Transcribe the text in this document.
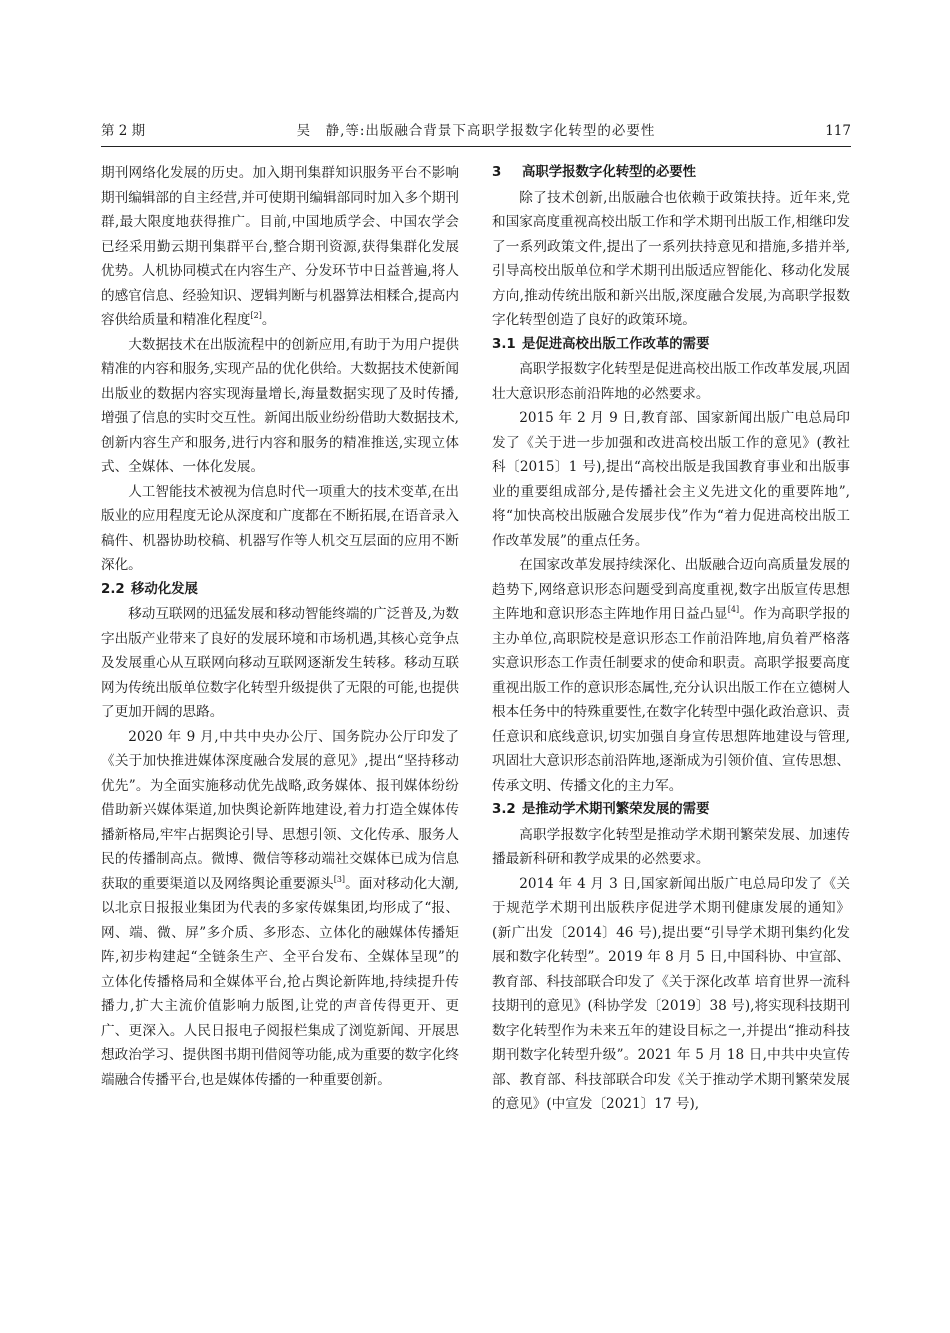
第 2 期	吴　静,等:出版融合背景下高职学报数字化转型的必要性	117

期刊网络化发展的历史。加入期刊集群知识服务平台不影响期刊编辑部的自主经营,并可使期刊编辑部同时加入多个期刊群,最大限度地获得推广。目前,中国地质学会、中国农学会已经采用勤云期刊集群平台,整合期刊资源,获得集群化发展优势。人机协同模式在内容生产、分发环节中日益普遍,将人的感官信息、经验知识、逻辑判断与机器算法相糅合,提高内容供给质量和精准化程度[2]。

大数据技术在出版流程中的创新应用,有助于为用户提供精准的内容和服务,实现产品的优化供给。大数据技术使新闻出版业的数据内容实现海量增长,海量数据实现了及时传播,增强了信息的实时交互性。新闻出版业纷纷借助大数据技术,创新内容生产和服务,进行内容和服务的精准推送,实现立体式、全媒体、一体化发展。

人工智能技术被视为信息时代一项重大的技术变革,在出版业的应用程度无论从深度和广度都在不断拓展,在语音录入稿件、机器协助校稿、机器写作等人机交互层面的应用不断深化。

2.2 移动化发展

移动互联网的迅猛发展和移动智能终端的广泛普及,为数字出版产业带来了良好的发展环境和市场机遇,其核心竞争点及发展重心从互联网向移动互联网逐渐发生转移。移动互联网为传统出版单位数字化转型升级提供了无限的可能,也提供了更加开阔的思路。

2020 年 9 月,中共中央办公厅、国务院办公厅印发了《关于加快推进媒体深度融合发展的意见》,提出“坚持移动优先”。为全面实施移动优先战略,政务媒体、报刊媒体纷纷借助新兴媒体渠道,加快舆论新阵地建设,着力打造全媒体传播新格局,牢牢占据舆论引导、思想引领、文化传承、服务人民的传播制高点。微博、微信等移动端社交媒体已成为信息获取的重要渠道以及网络舆论重要源头[3]。面对移动化大潮,以北京日报报业集团为代表的多家传媒集团,均形成了“报、网、端、微、屏”多介质、多形态、立体化的融媒体传播矩阵,初步构建起“全链条生产、全平台发布、全媒体呈现”的立体化传播格局和全媒体平台,抢占舆论新阵地,持续提升传播力,扩大主流价值影响力版图,让党的声音传得更开、更广、更深入。人民日报电子阅报栏集成了浏览新闻、开展思想政治学习、提供图书期刊借阅等功能,成为重要的数字化终端融合传播平台,也是媒体传播的一种重要创新。

3 高职学报数字化转型的必要性

除了技术创新,出版融合也依赖于政策扶持。近年来,党和国家高度重视高校出版工作和学术期刊出版工作,相继印发了一系列政策文件,提出了一系列扶持意见和措施,多措并举,引导高校出版单位和学术期刊出版适应智能化、移动化发展方向,推动传统出版和新兴出版,深度融合发展,为高职学报数字化转型创造了良好的政策环境。

3.1 是促进高校出版工作改革的需要

高职学报数字化转型是促进高校出版工作改革发展,巩固壮大意识形态前沿阵地的必然要求。

2015 年 2 月 9 日,教育部、国家新闻出版广电总局印发了《关于进一步加强和改进高校出版工作的意见》(教社科〔2015〕1 号),提出“高校出版是我国教育事业和出版事业的重要组成部分,是传播社会主义先进文化的重要阵地”,将“加快高校出版融合发展步伐”作为“着力促进高校出版工作改革发展”的重点任务。

在国家改革发展持续深化、出版融合迈向高质量发展的趋势下,网络意识形态问题受到高度重视,数字出版宣传思想主阵地和意识形态主阵地作用日益凸显[4]。作为高职学报的主办单位,高职院校是意识形态工作前沿阵地,肩负着严格落实意识形态工作责任制要求的使命和职责。高职学报要高度重视出版工作的意识形态属性,充分认识出版工作在立德树人根本任务中的特殊重要性,在数字化转型中强化政治意识、责任意识和底线意识,切实加强自身宣传思想阵地建设与管理,巩固壮大意识形态前沿阵地,逐渐成为引领价值、宣传思想、传承文明、传播文化的主力军。

3.2 是推动学术期刊繁荣发展的需要

高职学报数字化转型是推动学术期刊繁荣发展、加速传播最新科研和教学成果的必然要求。

2014 年 4 月 3 日,国家新闻出版广电总局印发了《关于规范学术期刊出版秩序促进学术期刊健康发展的通知》(新广出发〔2014〕46 号),提出要“引导学术期刊集约化发展和数字化转型”。2019 年 8 月 5 日,中国科协、中宣部、教育部、科技部联合印发了《关于深化改革 培育世界一流科技期刊的意见》(科协学发〔2019〕38 号),将实现科技期刊数字化转型作为未来五年的建设目标之一,并提出“推动科技期刊数字化转型升级”。2021 年 5 月 18 日,中共中央宣传部、教育部、科技部联合印发《关于推动学术期刊繁荣发展的意见》(中宣发〔2021〕17 号),
